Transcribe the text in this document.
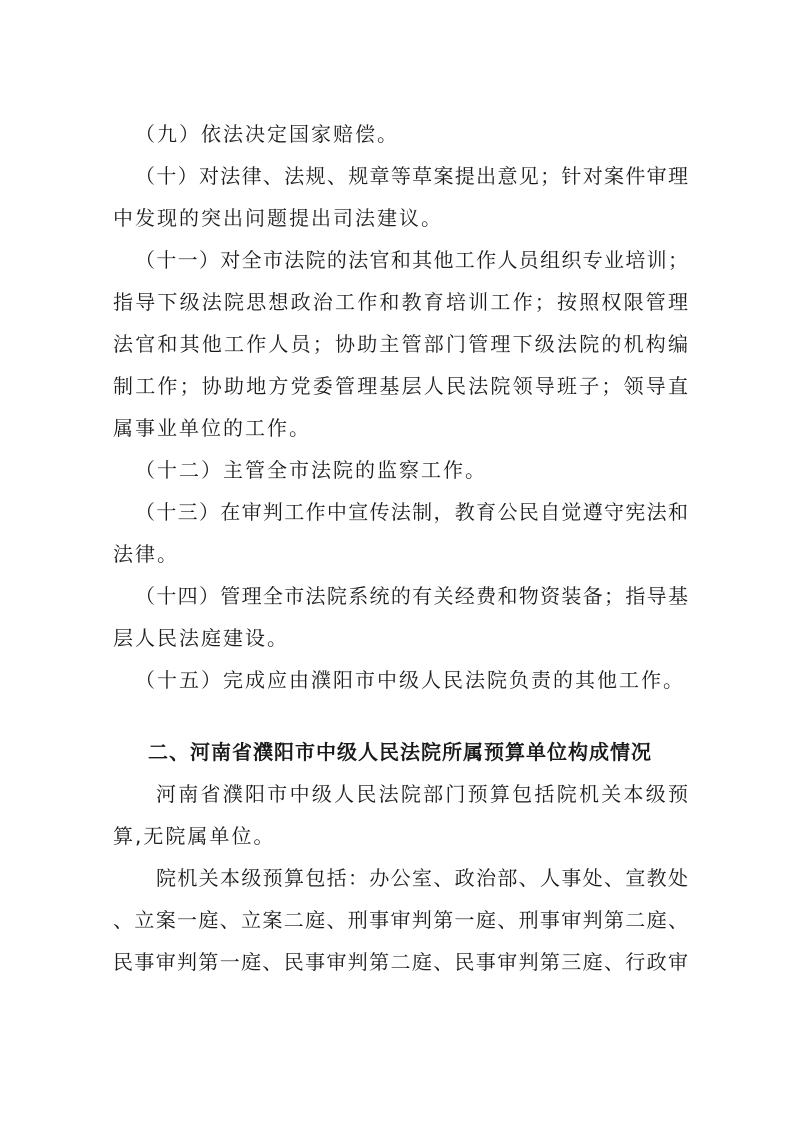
（九）依法决定国家赔偿。
（十）对法律、法规、规章等草案提出意见；针对案件审理
中发现的突出问题提出司法建议。
（十一）对全市法院的法官和其他工作人员组织专业培训；
指导下级法院思想政治工作和教育培训工作；按照权限管理
法官和其他工作人员；协助主管部门管理下级法院的机构编
制工作；协助地方党委管理基层人民法院领导班子；领导直
属事业单位的工作。
（十二）主管全市法院的监察工作。
（十三）在审判工作中宣传法制，教育公民自觉遵守宪法和
法律。
（十四）管理全市法院系统的有关经费和物资装备；指导基
层人民法庭建设。
（十五）完成应由濮阳市中级人民法院负责的其他工作。
二、河南省濮阳市中级人民法院所属预算单位构成情况
河南省濮阳市中级人民法院部门预算包括院机关本级预
算,无院属单位。
院机关本级预算包括：办公室、政治部、人事处、宣教处
、立案一庭、立案二庭、刑事审判第一庭、刑事审判第二庭、
民事审判第一庭、民事审判第二庭、民事审判第三庭、行政审
